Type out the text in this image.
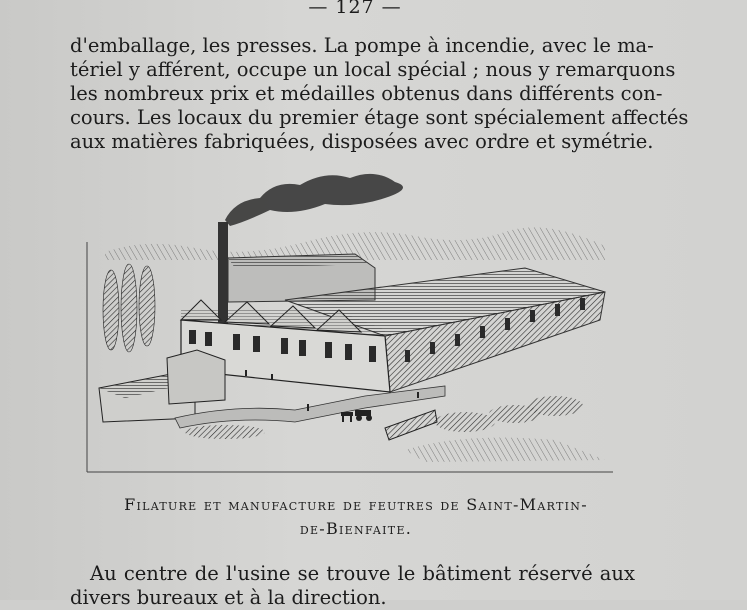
— 127 —
d'emballage, les presses. La pompe à incendie, avec le ma-
tériel y afférent, occupe un local spécial ; nous y remarquons
les nombreux prix et médailles obtenus dans différents con-
cours. Les locaux du premier étage sont spécialement affectés
aux matières fabriquées, disposées avec ordre et symétrie.
Filature et manufacture de feutres de Saint-Martin-
de-Bienfaite.
Au centre de l'usine se trouve le bâtiment réservé aux
divers bureaux et à la direction.
